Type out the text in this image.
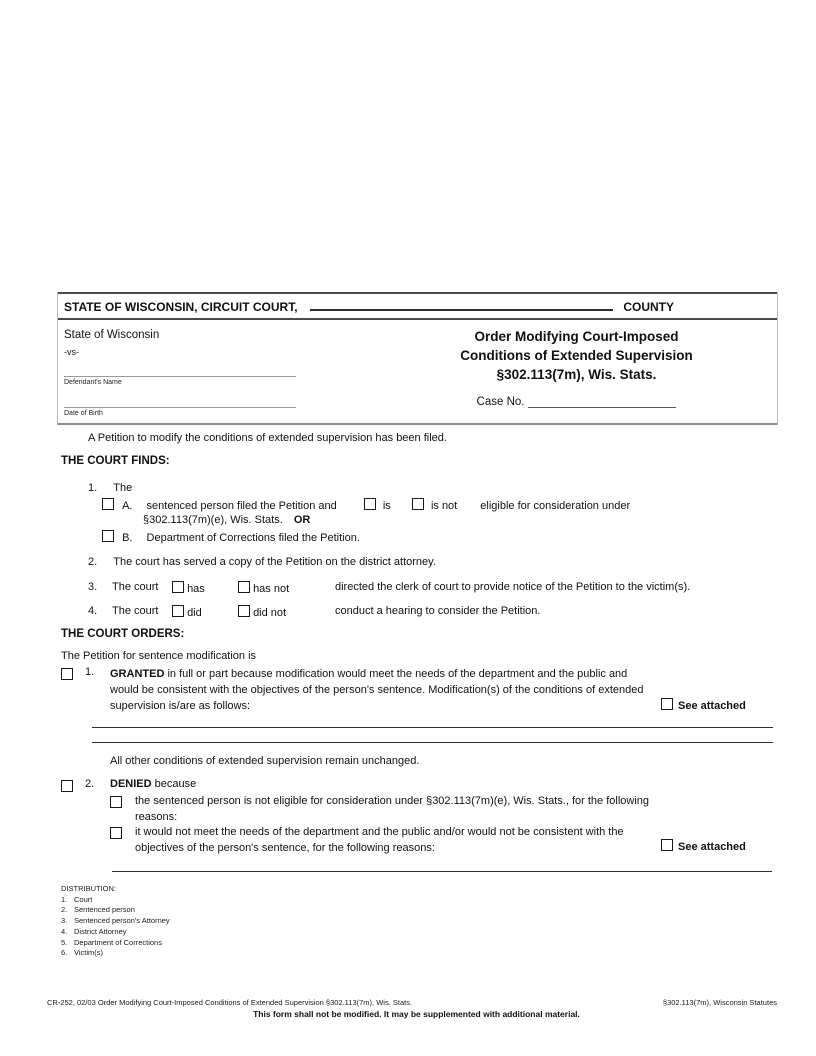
STATE OF WISCONSIN, CIRCUIT COURT,	COUNTY
State of Wisconsin
-vs-
Defendant's Name
Date of Birth
Order Modifying Court-Imposed
Conditions of Extended Supervision
§302.113(7m), Wis. Stats.
Case No.
A Petition to modify the conditions of extended supervision has been filed.
THE COURT FINDS:
1. The
A. sentenced person filed the Petition and	is	is not eligible for consideration under
§302.113(7m)(e), Wis. Stats. OR
B. Department of Corrections filed the Petition.
2. The court has served a copy of the Petition on the district attorney.
3. The court	has	has not	directed the clerk of court to provide notice of the Petition to the victim(s).
4. The court	did	did not	conduct a hearing to consider the Petition.
THE COURT ORDERS:
The Petition for sentence modification is
1. GRANTED in full or part because modification would meet the needs of the department and the public and
would be consistent with the objectives of the person's sentence. Modification(s) of the conditions of extended
supervision is/are as follows:	See attached
All other conditions of extended supervision remain unchanged.
2. DENIED because
the sentenced person is not eligible for consideration under §302.113(7m)(e), Wis. Stats., for the following
reasons:
it would not meet the needs of the department and the public and/or would not be consistent with the
objectives of the person's sentence, for the following reasons:	See attached
DISTRIBUTION:
1. Court
2. Sentenced person
3. Sentenced person's Attorney
4. District Attorney
5. Department of Corrections
6. Victim(s)
CR-252, 02/03 Order Modifying Court-Imposed Conditions of Extended Supervision §302.113(7m), Wis. Stats.	§302.113(7m), Wisconsin Statutes
This form shall not be modified. It may be supplemented with additional material.
